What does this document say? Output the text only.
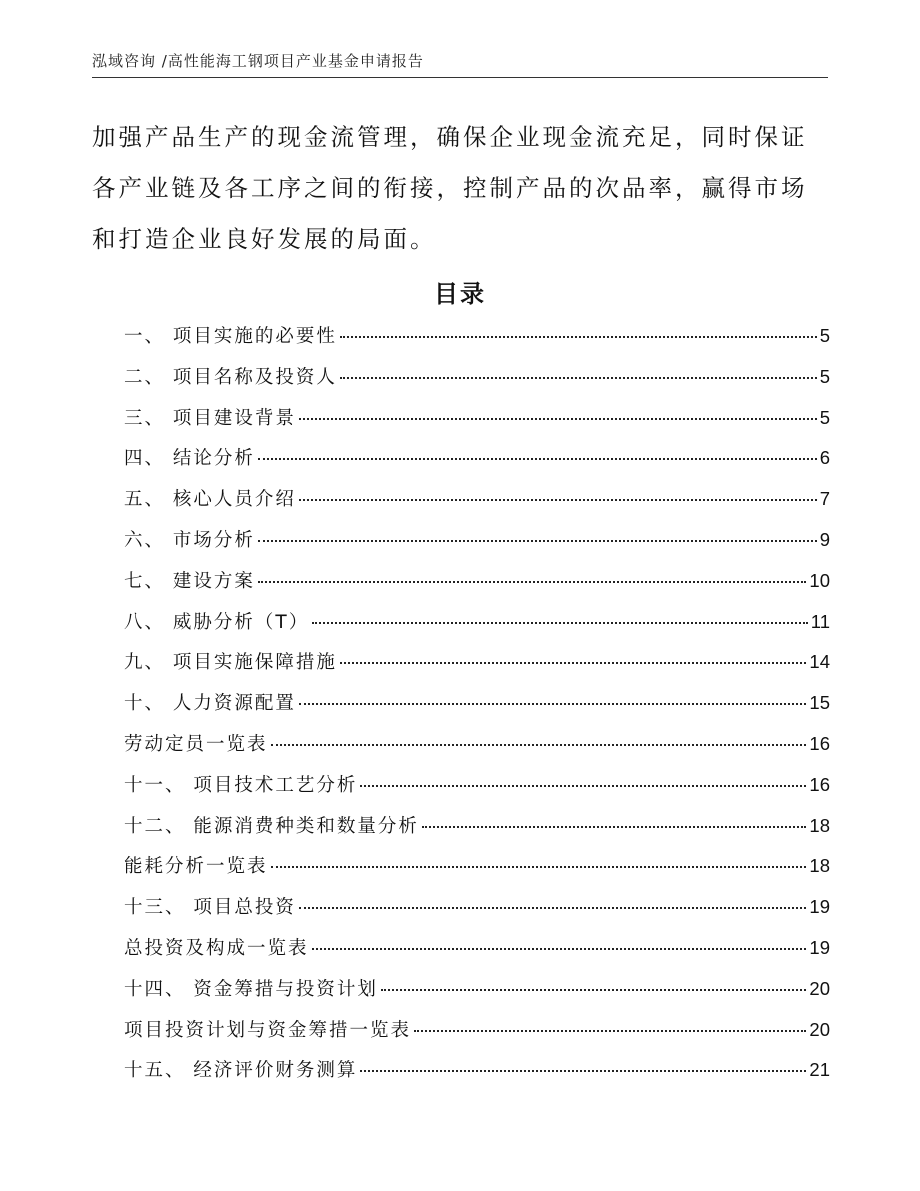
泓域咨询 /高性能海工钢项目产业基金申请报告

加强产品生产的现金流管理，确保企业现金流充足，同时保证各产业链及各工序之间的衔接，控制产品的次品率，赢得市场和打造企业良好发展的局面。

目录
一、 项目实施的必要性	5
二、 项目名称及投资人	5
三、 项目建设背景	5
四、 结论分析	6
五、 核心人员介绍	7
六、 市场分析	9
七、 建设方案	10
八、 威胁分析（T）	11
九、 项目实施保障措施	14
十、 人力资源配置	15
劳动定员一览表	16
十一、 项目技术工艺分析	16
十二、 能源消费种类和数量分析	18
能耗分析一览表	18
十三、 项目总投资	19
总投资及构成一览表	19
十四、 资金筹措与投资计划	20
项目投资计划与资金筹措一览表	20
十五、 经济评价财务测算	21
